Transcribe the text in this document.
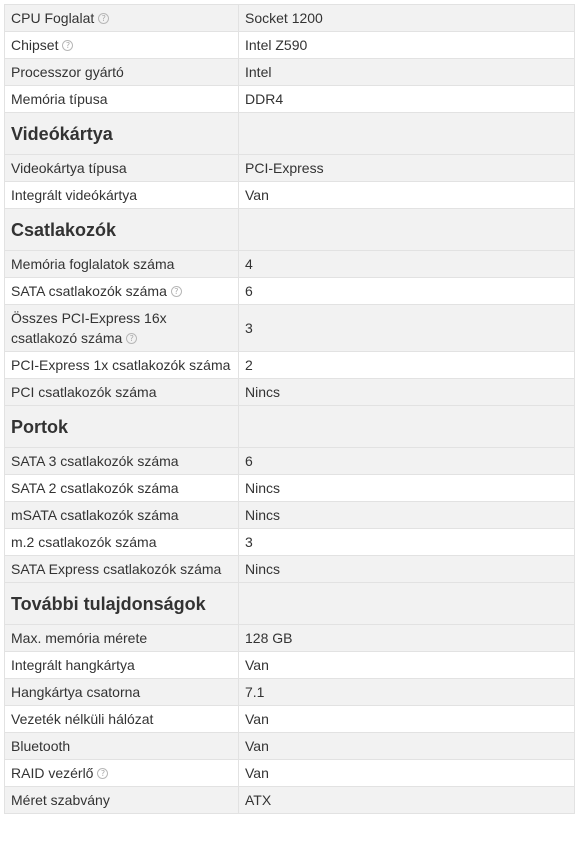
CPU Foglalat ?	Socket 1200
Chipset ?	Intel Z590
Processzor gyártó	Intel
Memória típusa	DDR4
Videókártya	
Videokártya típusa	PCI-Express
Integrált videókártya	Van
Csatlakozók	
Memória foglalatok száma	4
SATA csatlakozók száma ?	6
Összes PCI-Express 16x csatlakozó száma ?	3
PCI-Express 1x csatlakozók száma	2
PCI csatlakozók száma	Nincs
Portok	
SATA 3 csatlakozók száma	6
SATA 2 csatlakozók száma	Nincs
mSATA csatlakozók száma	Nincs
m.2 csatlakozók száma	3
SATA Express csatlakozók száma	Nincs
További tulajdonságok	
Max. memória mérete	128 GB
Integrált hangkártya	Van
Hangkártya csatorna	7.1
Vezeték nélküli hálózat	Van
Bluetooth	Van
RAID vezérlő ?	Van
Méret szabvány	ATX
